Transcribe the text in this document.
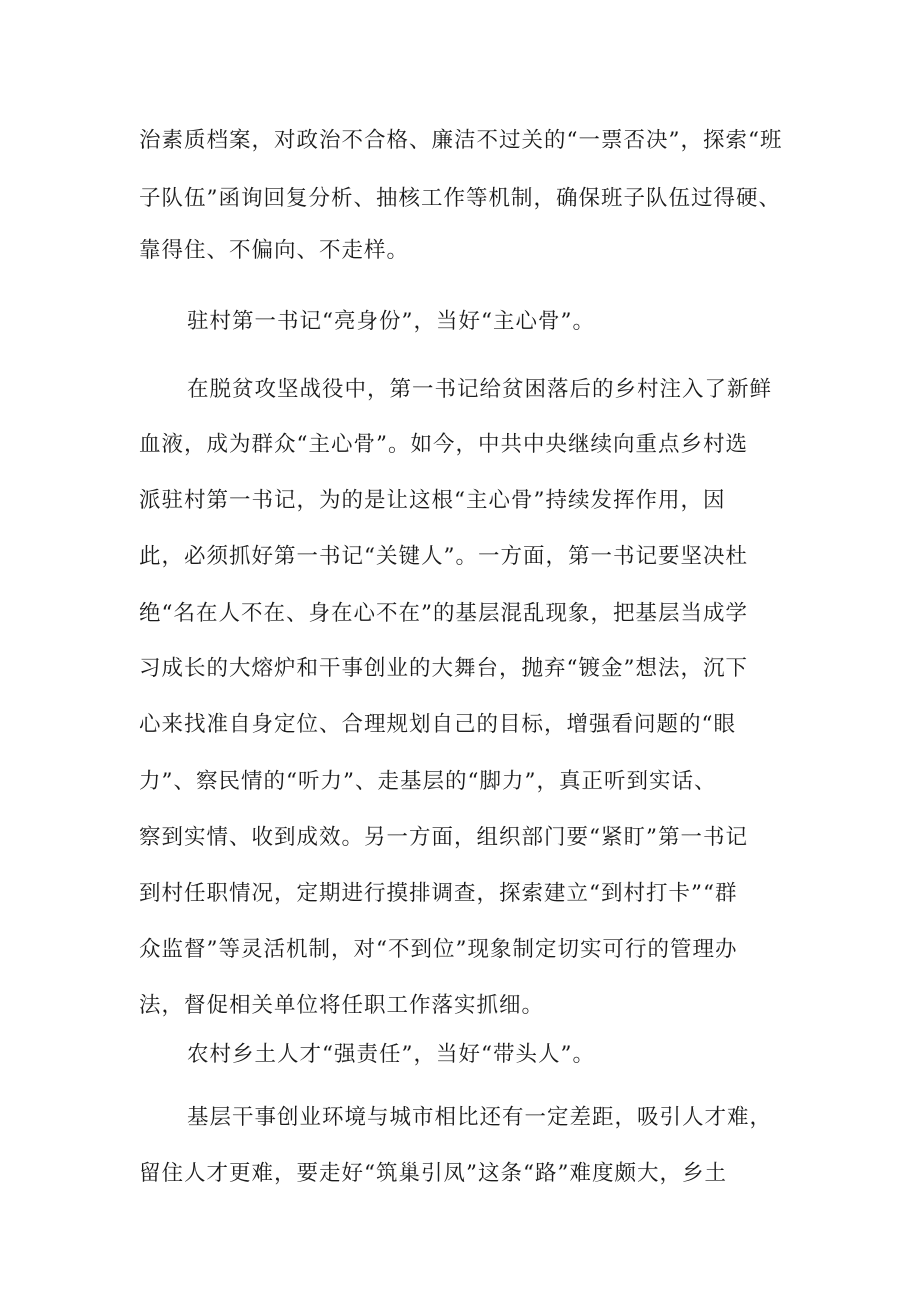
治素质档案，对政治不合格、廉洁不过关的“一票否决”，探索“班
子队伍”函询回复分析、抽核工作等机制，确保班子队伍过得硬、
靠得住、不偏向、不走样。
驻村第一书记“亮身份”，当好“主心骨”。
在脱贫攻坚战役中，第一书记给贫困落后的乡村注入了新鲜
血液，成为群众“主心骨”。如今，中共中央继续向重点乡村选
派驻村第一书记，为的是让这根“主心骨”持续发挥作用，因
此，必须抓好第一书记“关键人”。一方面，第一书记要坚决杜
绝“名在人不在、身在心不在”的基层混乱现象，把基层当成学
习成长的大熔炉和干事创业的大舞台，抛弃“镀金”想法，沉下
心来找准自身定位、合理规划自己的目标，增强看问题的“眼
力”、察民情的“听力”、走基层的“脚力”，真正听到实话、
察到实情、收到成效。另一方面，组织部门要“紧盯”第一书记
到村任职情况，定期进行摸排调查，探索建立“到村打卡”“群
众监督”等灵活机制，对“不到位”现象制定切实可行的管理办
法，督促相关单位将任职工作落实抓细。
农村乡土人才“强责任”，当好“带头人”。
基层干事创业环境与城市相比还有一定差距，吸引人才难，
留住人才更难，要走好“筑巢引凤”这条“路”难度颇大，乡土
